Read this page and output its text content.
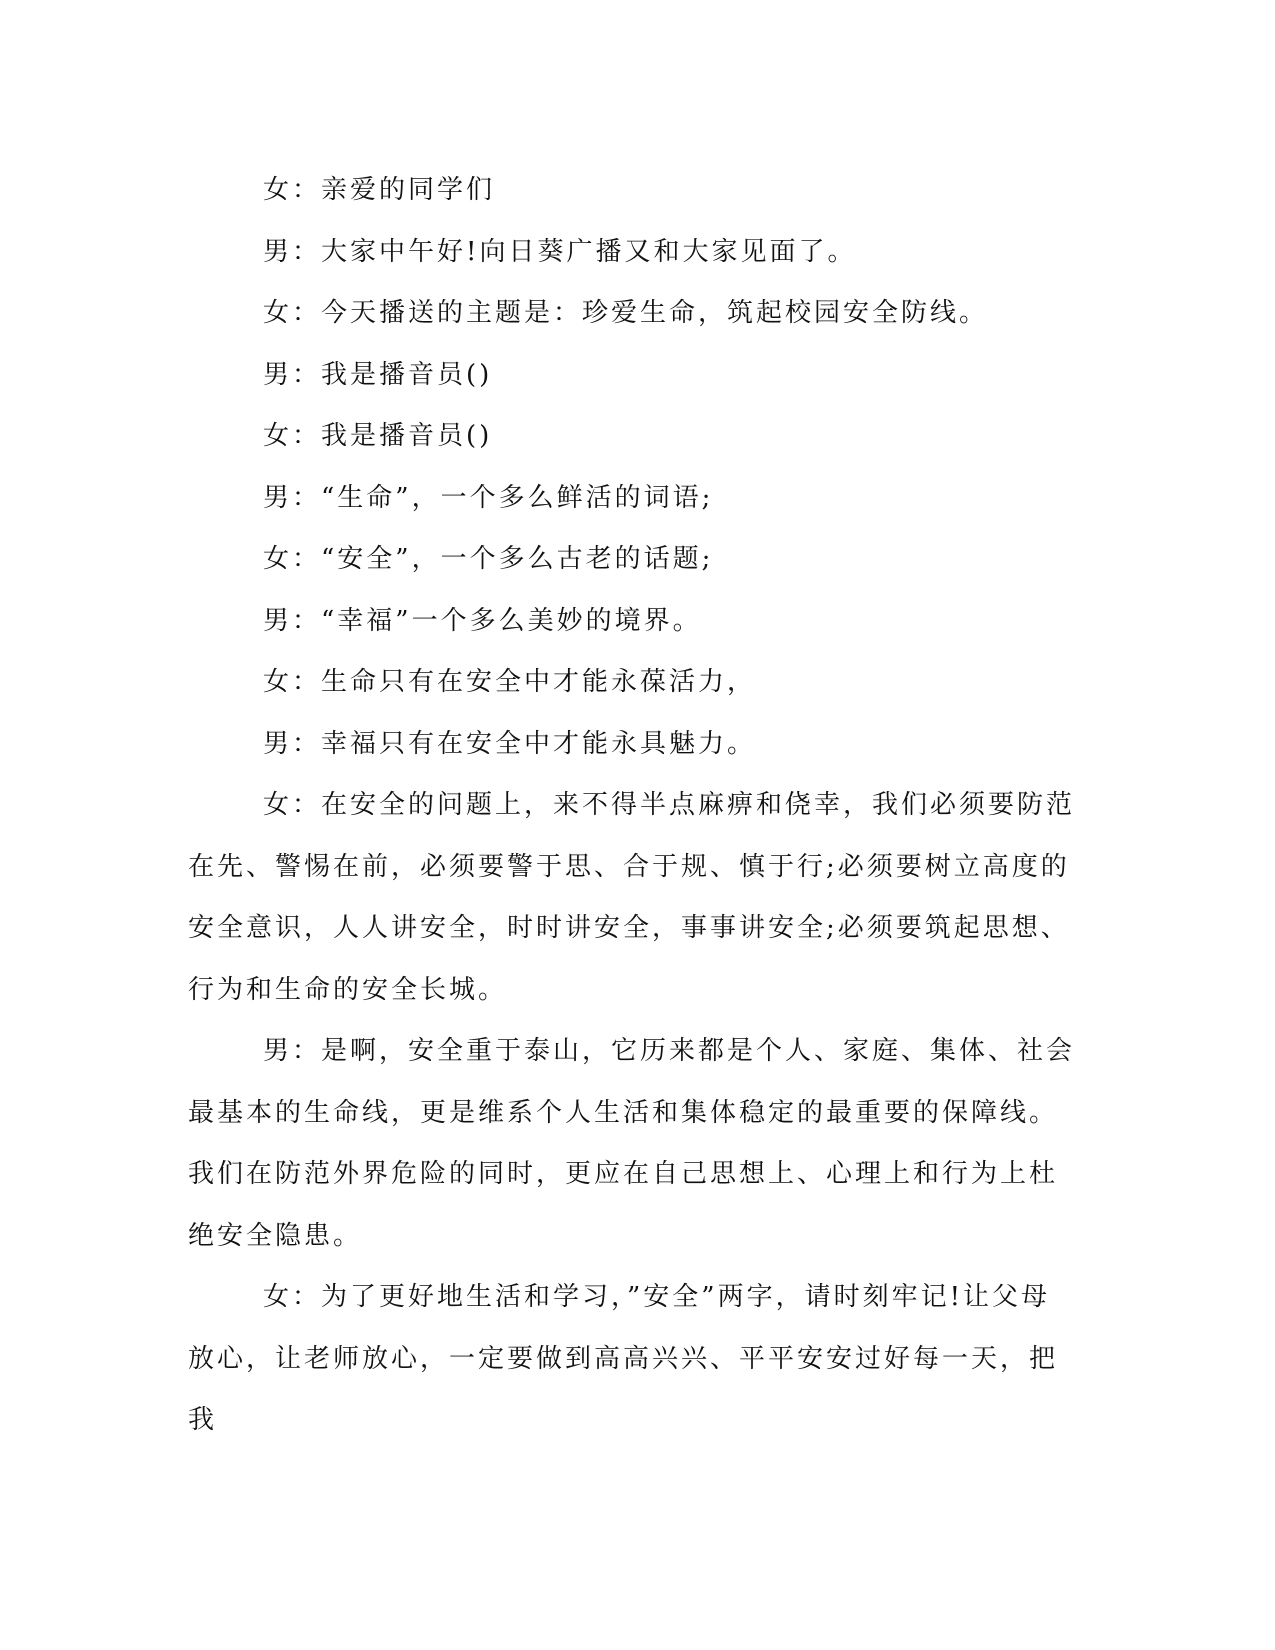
女：亲爱的同学们

男：大家中午好!向日葵广播又和大家见面了。

女：今天播送的主题是：珍爱生命，筑起校园安全防线。

男：我是播音员()

女：我是播音员()

男：“生命”，一个多么鲜活的词语;

女：“安全”，一个多么古老的话题;

男：“幸福”一个多么美妙的境界。

女：生命只有在安全中才能永葆活力，

男：幸福只有在安全中才能永具魅力。

女：在安全的问题上，来不得半点麻痹和侥幸，我们必须要防范在先、警惕在前，必须要警于思、合于规、慎于行;必须要树立高度的安全意识，人人讲安全，时时讲安全，事事讲安全;必须要筑起思想、行为和生命的安全长城。

男：是啊，安全重于泰山，它历来都是个人、家庭、集体、社会最基本的生命线，更是维系个人生活和集体稳定的最重要的保障线。我们在防范外界危险的同时，更应在自己思想上、心理上和行为上杜绝安全隐患。

女：为了更好地生活和学习，”安全”两字，请时刻牢记!让父母放心，让老师放心，一定要做到高高兴兴、平平安安过好每一天，把我
